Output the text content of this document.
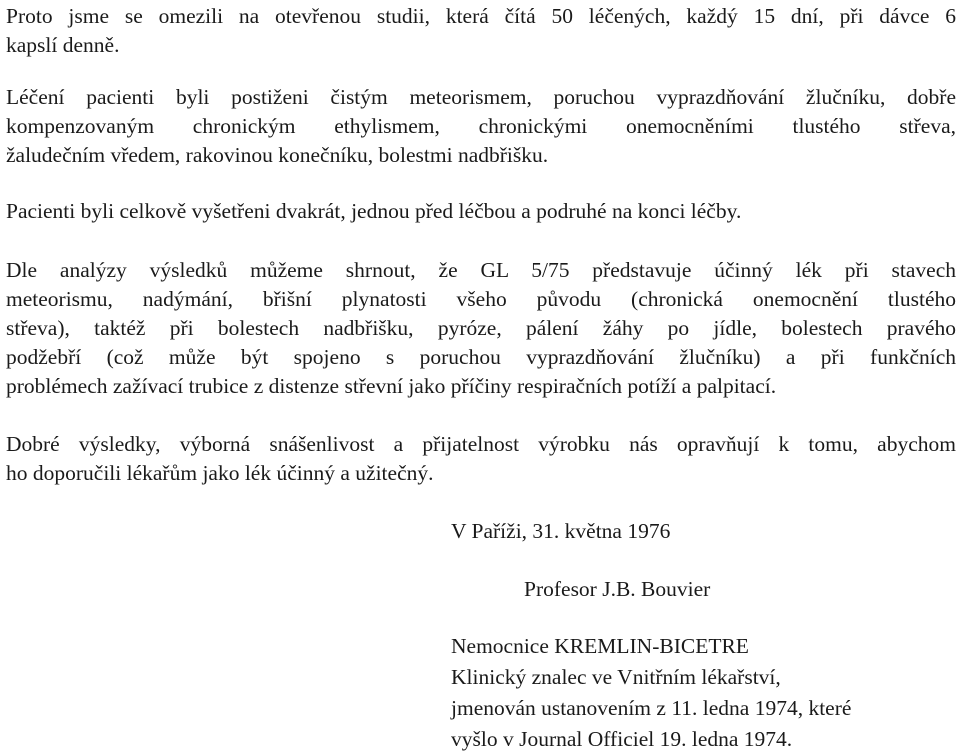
Proto jsme se omezili na otevřenou studii, která čítá 50 léčených, každý 15 dní, při dávce 6
kapslí denně.

Léčení pacienti byli postiženi čistým meteorismem, poruchou vyprazdňování žlučníku, dobře
kompenzovaným chronickým ethylismem, chronickými onemocněními tlustého střeva,
žaludečním vředem, rakovinou konečníku, bolestmi nadbřišku.

Pacienti byli celkově vyšetřeni dvakrát, jednou před léčbou a podruhé na konci léčby.

Dle analýzy výsledků můžeme shrnout, že GL 5/75 představuje účinný lék při stavech
meteorismu, nadýmání, břišní plynatosti všeho původu (chronická onemocnění tlustého
střeva), taktéž při bolestech nadbřišku, pyróze, pálení žáhy po jídle, bolestech pravého
podžebří (což může být spojeno s poruchou vyprazdňování žlučníku) a při funkčních
problémech zažívací trubice z distenze střevní jako příčiny respiračních potíží a palpitací.

Dobré výsledky, výborná snášenlivost a přijatelnost výrobku nás opravňují k tomu, abychom
ho doporučili lékařům jako lék účinný a užitečný.

V Paříži, 31. května 1976

Profesor J.B. Bouvier

Nemocnice KREMLIN-BICETRE
Klinický znalec ve Vnitřním lékařství,
jmenován ustanovením z 11. ledna 1974, které
vyšlo v Journal Officiel 19. ledna 1974.
